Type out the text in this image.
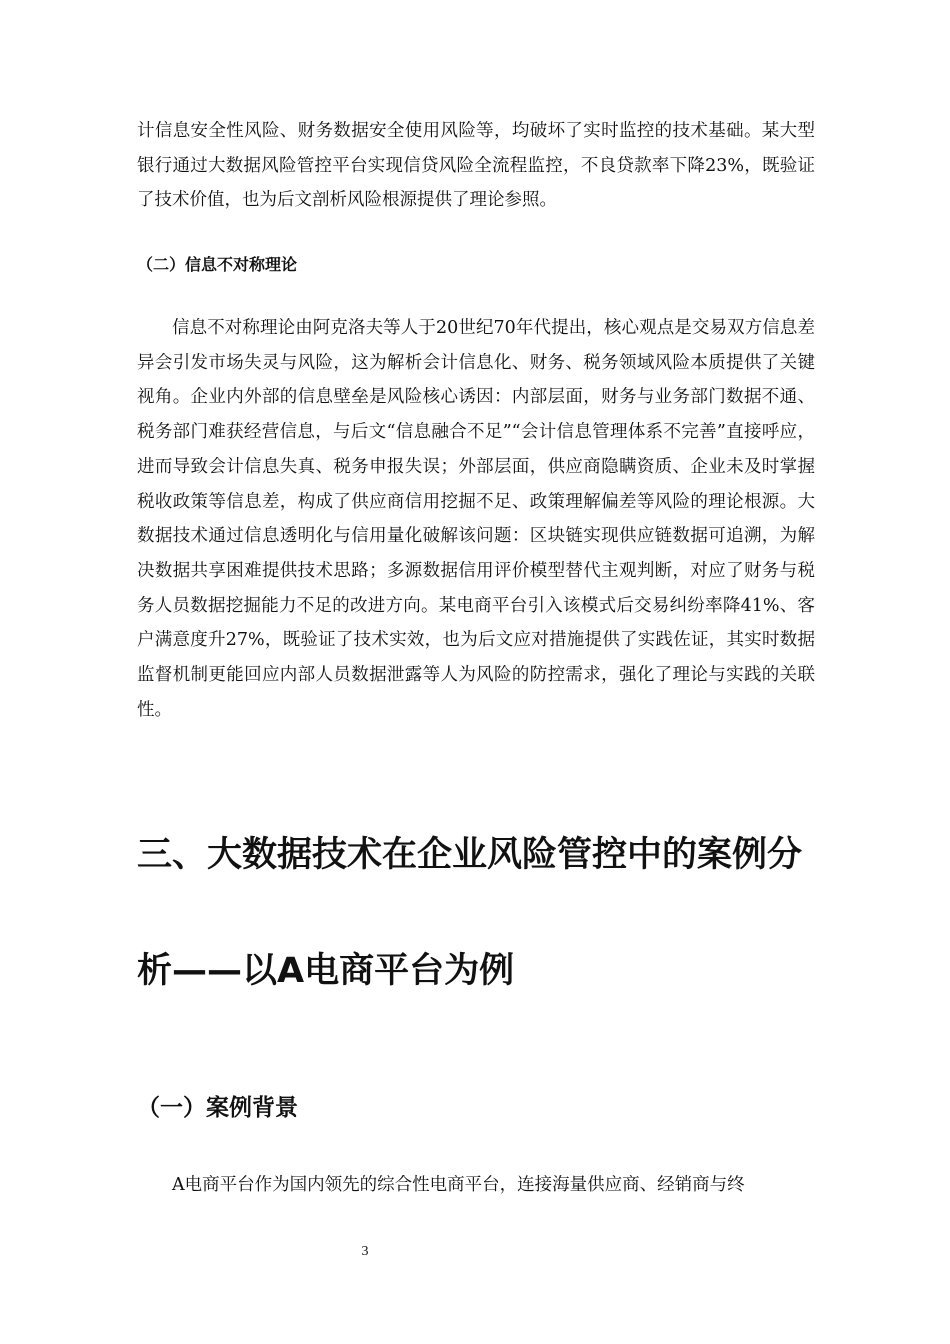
计信息安全性风险、财务数据安全使用风险等，均破坏了实时监控的技术基础。某大型银行通过大数据风险管控平台实现信贷风险全流程监控，不良贷款率下降23%，既验证了技术价值，也为后文剖析风险根源提供了理论参照。
（二）信息不对称理论
信息不对称理论由阿克洛夫等人于20世纪70年代提出，核心观点是交易双方信息差异会引发市场失灵与风险，这为解析会计信息化、财务、税务领域风险本质提供了关键视角。企业内外部的信息壁垒是风险核心诱因：内部层面，财务与业务部门数据不通、税务部门难获经营信息，与后文“信息融合不足”“会计信息管理体系不完善”直接呼应，进而导致会计信息失真、税务申报失误；外部层面，供应商隐瞒资质、企业未及时掌握税收政策等信息差，构成了供应商信用挖掘不足、政策理解偏差等风险的理论根源。大数据技术通过信息透明化与信用量化破解该问题：区块链实现供应链数据可追溯，为解决数据共享困难提供技术思路；多源数据信用评价模型替代主观判断，对应了财务与税务人员数据挖掘能力不足的改进方向。某电商平台引入该模式后交易纠纷率降41%、客户满意度升27%，既验证了技术实效，也为后文应对措施提供了实践佐证，其实时数据监督机制更能回应内部人员数据泄露等人为风险的防控需求，强化了理论与实践的关联性。
三、大数据技术在企业风险管控中的案例分析——以A电商平台为例
（一）案例背景
A电商平台作为国内领先的综合性电商平台，连接海量供应商、经销商与终
3
